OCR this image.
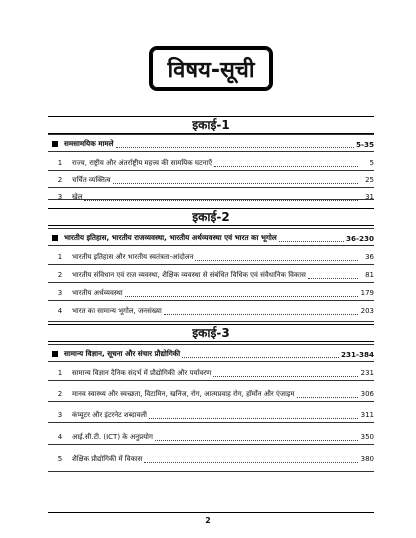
विषय-सूची
इकाई-1
समसामयिक मामले	5-35
1	राज्य, राष्ट्रीय और अंतर्राष्ट्रीय महत्त्व की सामयिक घटनाएँ	5
2	चर्चित व्यक्तित्व	25
3	खेल	31
इकाई-2
भारतीय इतिहास, भारतीय राजव्यवस्था, भारतीय अर्थव्यवस्था एवं भारत का भूगोल	36-230
1	भारतीय इतिहास और भारतीय स्वतंत्रता-आंदोलन	36
2	भारतीय संविधान एवं राज व्यवस्था, शैक्षिक व्यवस्था से संबंधित विधिक एवं संवैधानिक विकास	81
3	भारतीय अर्थव्यवस्था	179
4	भारत का सामान्य भूगोल, जनसंख्या	203
इकाई-3
सामान्य विज्ञान, सूचना और संचार प्रौद्योगिकी	231-384
1	सामान्य विज्ञान दैनिक संदर्भ में प्रौद्योगिकी और पर्यावरण	231
2	मानव स्वास्थ्य और स्वच्छता, विटामिन, खनिज, रोग, आत्मप्रवाह रोग, हॉर्मोन और एंजाइम	306
3	कंप्यूटर और इंटरनेट शब्दावली	311
4	आई.सी.टी. (ICT) के अनुप्रयोग	350
5	शैक्षिक प्रौद्योगिकी में विकास	380
2
